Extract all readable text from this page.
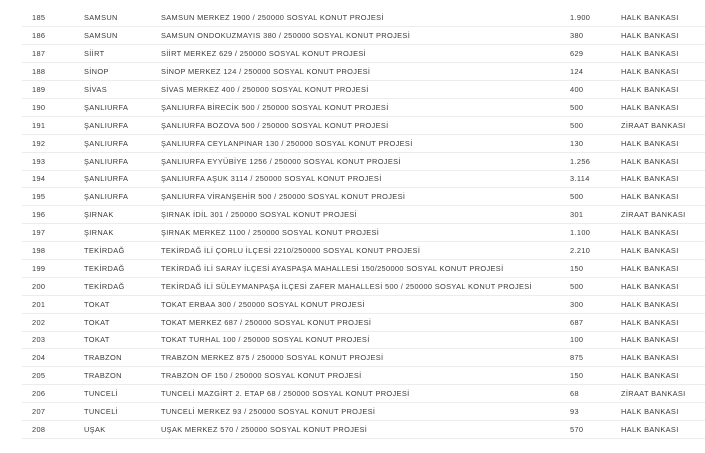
185	SAMSUN	SAMSUN MERKEZ 1900 / 250000 SOSYAL KONUT PROJESİ	1.900	HALK BANKASI
186	SAMSUN	SAMSUN ONDOKUZMAYIS 380 / 250000 SOSYAL KONUT PROJESİ	380	HALK BANKASI
187	SİİRT	SİİRT MERKEZ 629 / 250000 SOSYAL KONUT PROJESİ	629	HALK BANKASI
188	SİNOP	SİNOP MERKEZ 124 / 250000 SOSYAL KONUT PROJESİ	124	HALK BANKASI
189	SİVAS	SİVAS MERKEZ 400 / 250000 SOSYAL KONUT PROJESİ	400	HALK BANKASI
190	ŞANLIURFA	ŞANLIURFA BİRECİK 500 / 250000 SOSYAL KONUT PROJESİ	500	HALK BANKASI
191	ŞANLIURFA	ŞANLIURFA BOZOVA 500 / 250000 SOSYAL KONUT PROJESİ	500	ZİRAAT BANKASI
192	ŞANLIURFA	ŞANLIURFA CEYLANPINAR 130 / 250000 SOSYAL KONUT PROJESİ	130	HALK BANKASI
193	ŞANLIURFA	ŞANLIURFA EYYÜBİYE 1256 / 250000 SOSYAL KONUT PROJESİ	1.256	HALK BANKASI
194	ŞANLIURFA	ŞANLIURFA AŞUK 3114 / 250000 SOSYAL KONUT PROJESİ	3.114	HALK BANKASI
195	ŞANLIURFA	ŞANLIURFA VİRANŞEHİR 500 / 250000 SOSYAL KONUT PROJESİ	500	HALK BANKASI
196	ŞIRNAK	ŞIRNAK İDİL 301 / 250000 SOSYAL KONUT PROJESİ	301	ZİRAAT BANKASI
197	ŞIRNAK	ŞIRNAK MERKEZ 1100 / 250000 SOSYAL KONUT PROJESİ	1.100	HALK BANKASI
198	TEKİRDAĞ	TEKİRDAĞ İLİ ÇORLU İLÇESİ 2210/250000 SOSYAL KONUT PROJESİ	2.210	HALK BANKASI
199	TEKİRDAĞ	TEKİRDAĞ İLİ SARAY İLÇESİ AYASPAŞA MAHALLESİ 150/250000 SOSYAL KONUT PROJESİ	150	HALK BANKASI
200	TEKİRDAĞ	TEKİRDAĞ İLİ SÜLEYMANPAŞA İLÇESİ ZAFER MAHALLESİ 500 / 250000 SOSYAL KONUT PROJESİ	500	HALK BANKASI
201	TOKAT	TOKAT ERBAA 300 / 250000 SOSYAL KONUT PROJESİ	300	HALK BANKASI
202	TOKAT	TOKAT MERKEZ 687 / 250000 SOSYAL KONUT PROJESİ	687	HALK BANKASI
203	TOKAT	TOKAT TURHAL 100 / 250000 SOSYAL KONUT PROJESİ	100	HALK BANKASI
204	TRABZON	TRABZON MERKEZ 875 / 250000 SOSYAL KONUT PROJESİ	875	HALK BANKASI
205	TRABZON	TRABZON OF 150 / 250000 SOSYAL KONUT PROJESİ	150	HALK BANKASI
206	TUNCELİ	TUNCELİ MAZGİRT 2. ETAP 68 / 250000 SOSYAL KONUT PROJESİ	68	ZİRAAT BANKASI
207	TUNCELİ	TUNCELİ MERKEZ 93 / 250000 SOSYAL KONUT PROJESİ	93	HALK BANKASI
208	UŞAK	UŞAK MERKEZ 570 / 250000 SOSYAL KONUT PROJESİ	570	HALK BANKASI
